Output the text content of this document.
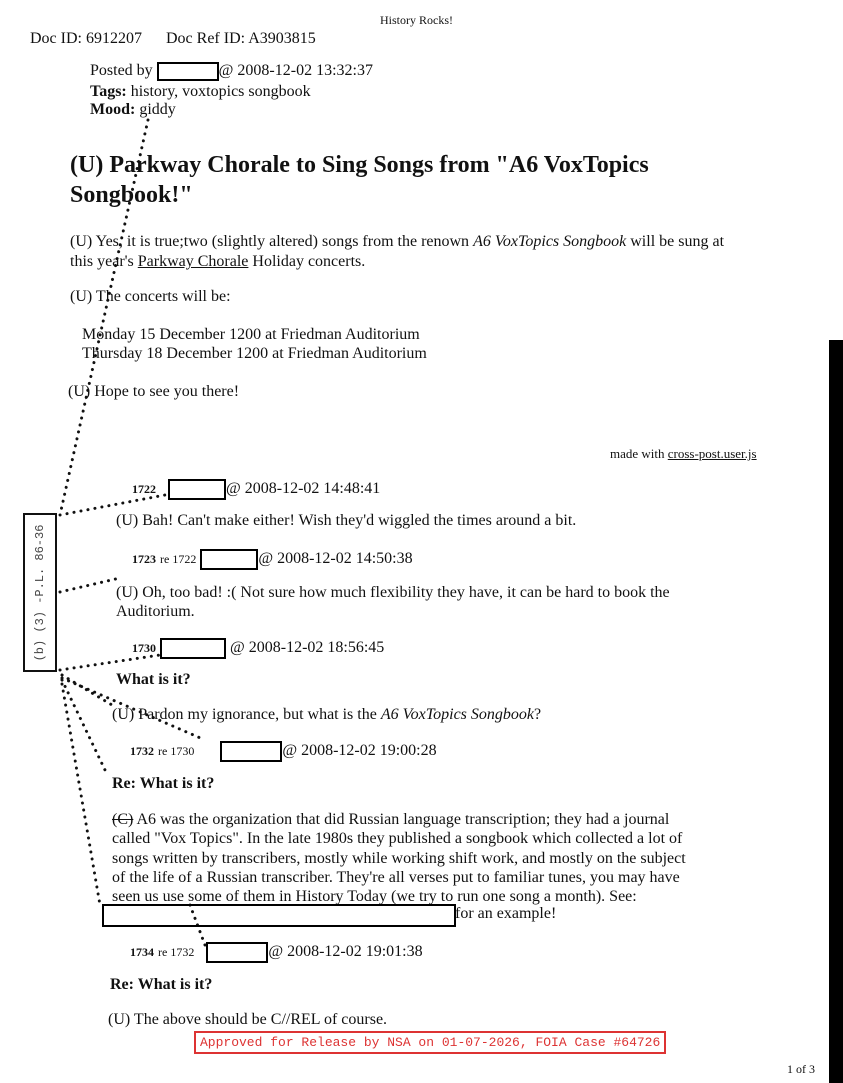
History Rocks!
Doc ID: 6912207 Doc Ref ID: A3903815
Posted by	@ 2008-12-02 13:32:37
Tags: history, voxtopics songbook
Mood: giddy
(U) Parkway Chorale to Sing Songs from "A6 VoxTopics
Songbook!"
(U) Yes, it is true;two (slightly altered) songs from the renown A6 VoxTopics Songbook will be sung at
this year's Parkway Chorale Holiday concerts.
(U) The concerts will be:
Monday 15 December 1200 at Friedman Auditorium
Thursday 18 December 1200 at Friedman Auditorium
(U) Hope to see you there!
made with cross-post.user.js
(b) (3) -P.L. 86-36
1722	@ 2008-12-02 14:48:41
(U) Bah! Can't make either! Wish they'd wiggled the times around a bit.
1723 re 1722	@ 2008-12-02 14:50:38
(U) Oh, too bad! :( Not sure how much flexibility they have, it can be hard to book the
Auditorium.
1730	@ 2008-12-02 18:56:45
What is it?
(U) Pardon my ignorance, but what is the A6 VoxTopics Songbook?
1732 re 1730	@ 2008-12-02 19:00:28
Re: What is it?
(C) A6 was the organization that did Russian language transcription; they had a journal
called "Vox Topics". In the late 1980s they published a songbook which collected a lot of
songs written by transcribers, mostly while working shift work, and mostly on the subject
of the life of a Russian transcriber. They're all verses put to familiar tunes, you may have
seen us use some of them in History Today (we try to run one song a month). See:
for an example!
1734 re 1732	@ 2008-12-02 19:01:38
Re: What is it?
(U) The above should be C//REL of course.
Approved for Release by NSA on 01-07-2026, FOIA Case #64726
1 of 3
